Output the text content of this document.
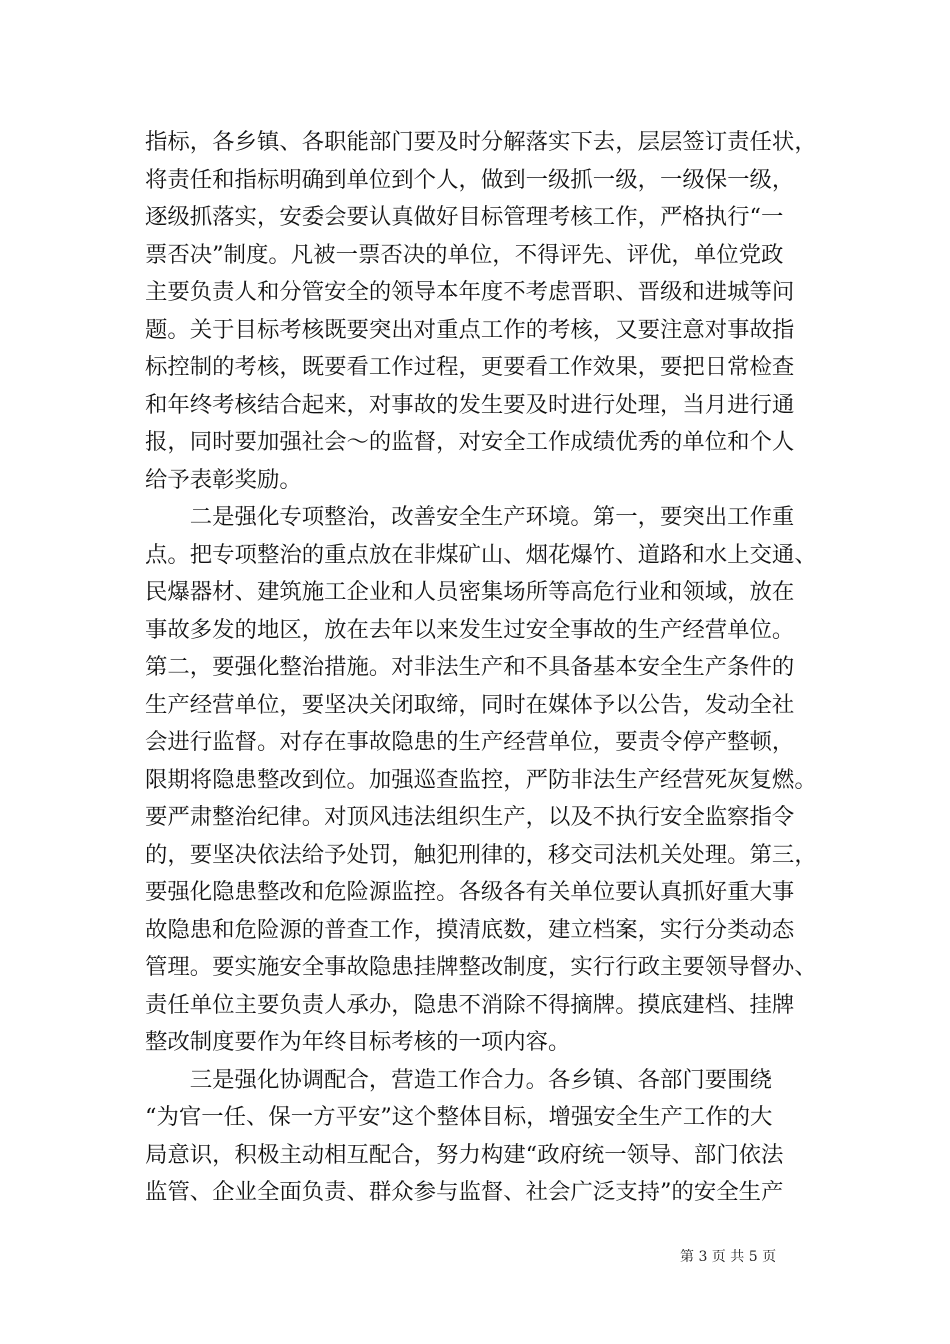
指标，各乡镇、各职能部门要及时分解落实下去，层层签订责任状，
将责任和指标明确到单位到个人，做到一级抓一级，一级保一级，
逐级抓落实，安委会要认真做好目标管理考核工作，严格执行“一
票否决”制度。凡被一票否决的单位，不得评先、评优，单位党政
主要负责人和分管安全的领导本年度不考虑晋职、晋级和进城等问
题。关于目标考核既要突出对重点工作的考核，又要注意对事故指
标控制的考核，既要看工作过程，更要看工作效果，要把日常检查
和年终考核结合起来，对事故的发生要及时进行处理，当月进行通
报，同时要加强社会～的监督，对安全工作成绩优秀的单位和个人
给予表彰奖励。
　　二是强化专项整治，改善安全生产环境。第一，要突出工作重
点。把专项整治的重点放在非煤矿山、烟花爆竹、道路和水上交通、
民爆器材、建筑施工企业和人员密集场所等高危行业和领域，放在
事故多发的地区，放在去年以来发生过安全事故的生产经营单位。
第二，要强化整治措施。对非法生产和不具备基本安全生产条件的
生产经营单位，要坚决关闭取缔，同时在媒体予以公告，发动全社
会进行监督。对存在事故隐患的生产经营单位，要责令停产整顿，
限期将隐患整改到位。加强巡查监控，严防非法生产经营死灰复燃。
要严肃整治纪律。对顶风违法组织生产，以及不执行安全监察指令
的，要坚决依法给予处罚，触犯刑律的，移交司法机关处理。第三，
要强化隐患整改和危险源监控。各级各有关单位要认真抓好重大事
故隐患和危险源的普查工作，摸清底数，建立档案，实行分类动态
管理。要实施安全事故隐患挂牌整改制度，实行行政主要领导督办、
责任单位主要负责人承办，隐患不消除不得摘牌。摸底建档、挂牌
整改制度要作为年终目标考核的一项内容。
　　三是强化协调配合，营造工作合力。各乡镇、各部门要围绕
“为官一任、保一方平安”这个整体目标，增强安全生产工作的大
局意识，积极主动相互配合，努力构建“政府统一领导、部门依法
监管、企业全面负责、群众参与监督、社会广泛支持”的安全生产
第 3 页 共 5 页
